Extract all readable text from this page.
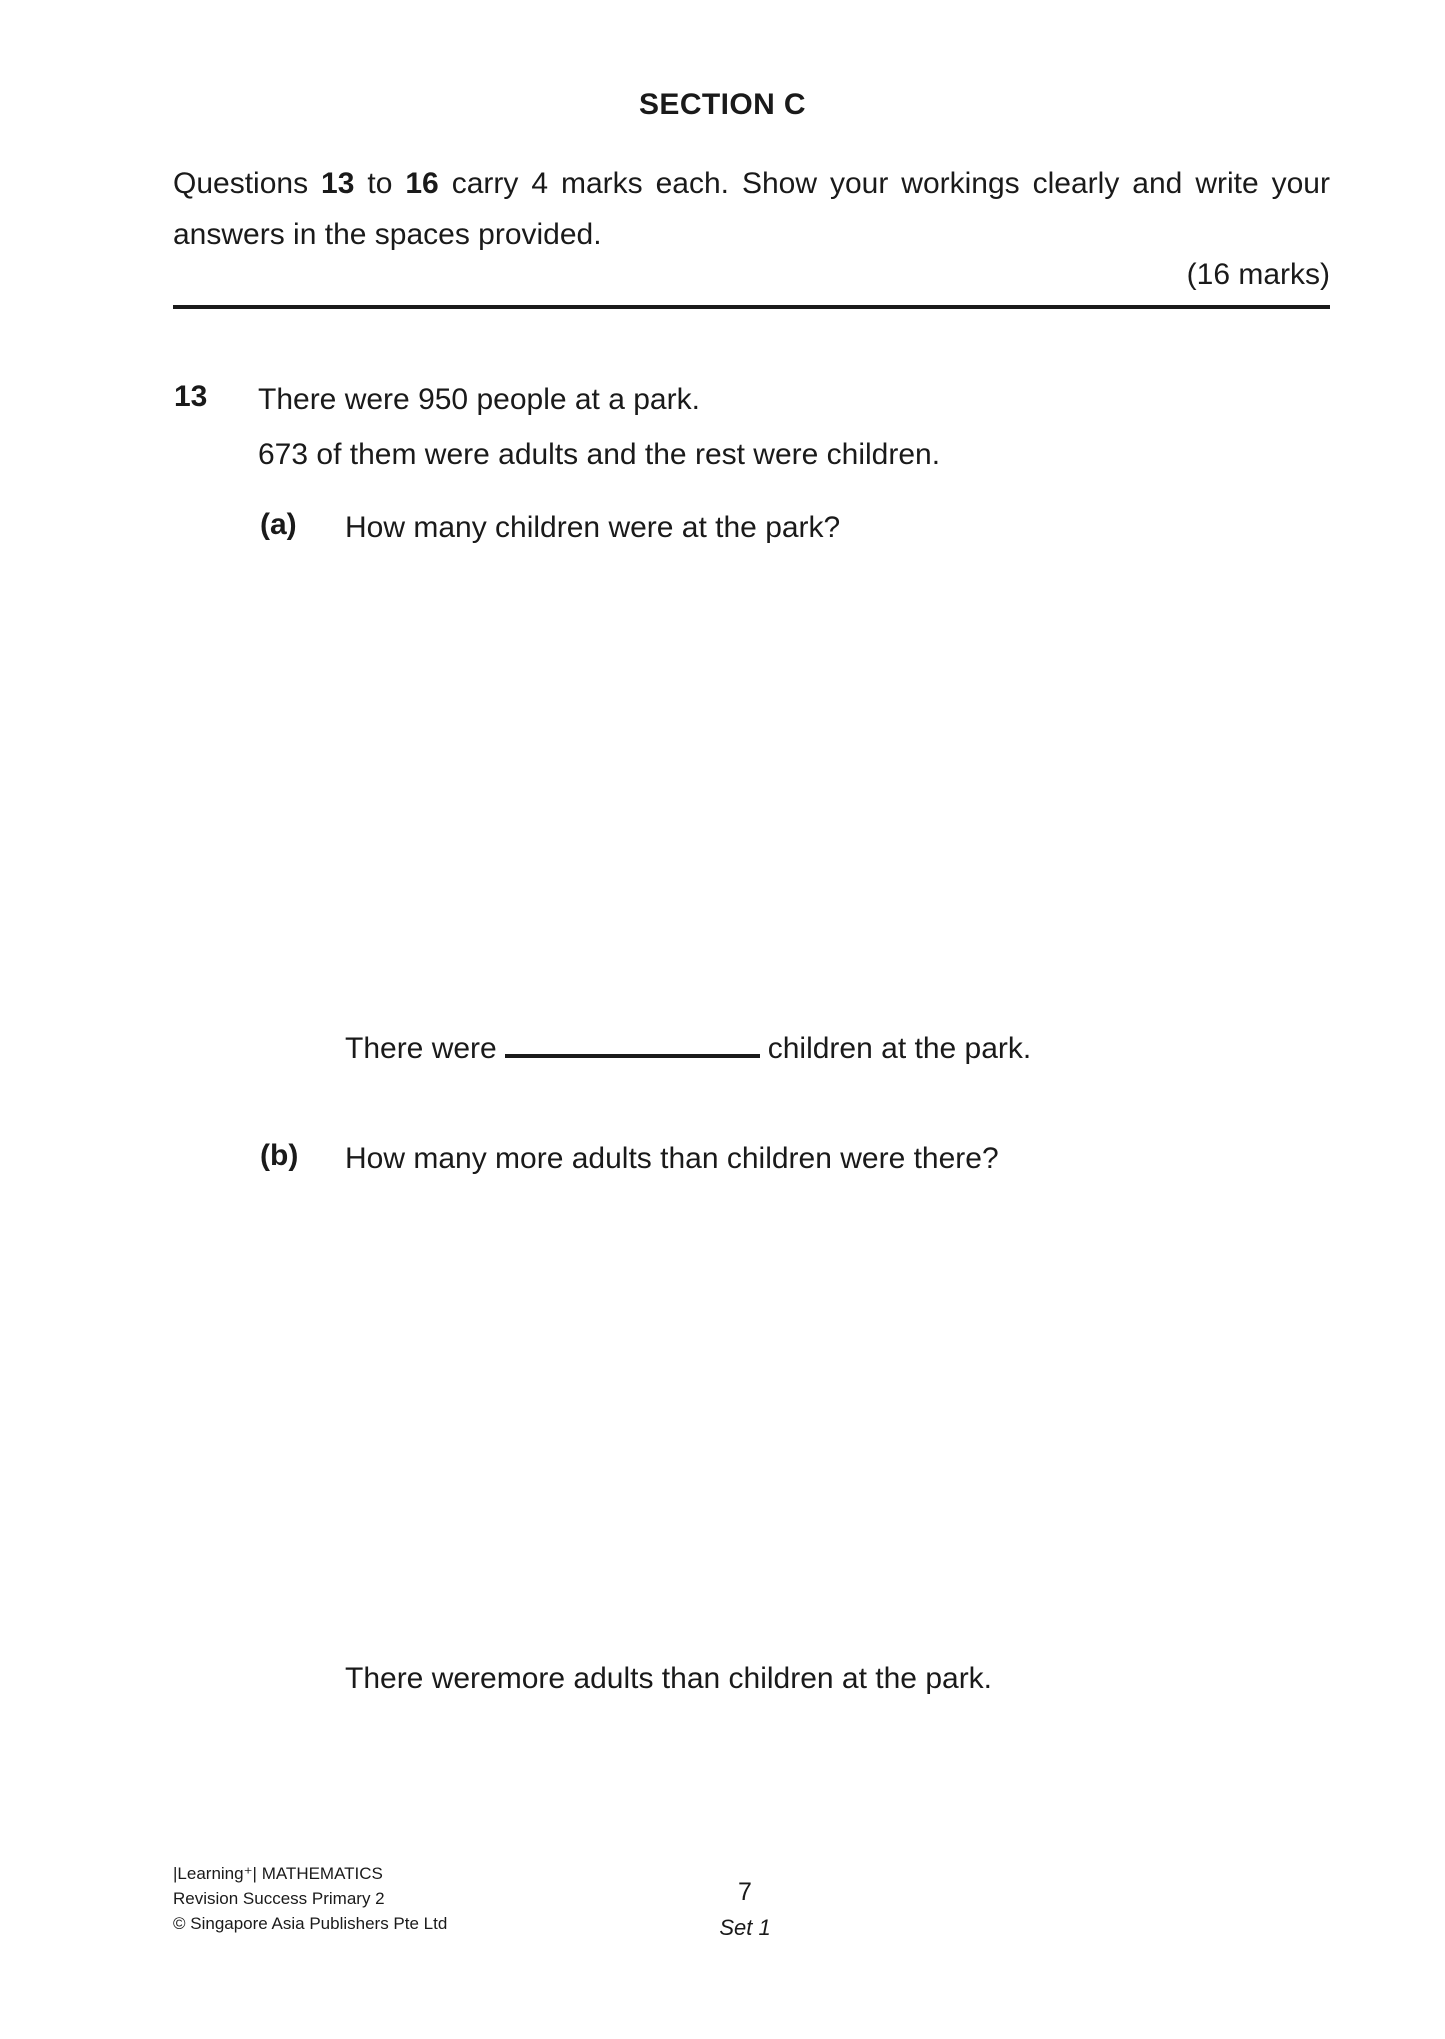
SECTION C
Questions 13 to 16 carry 4 marks each. Show your workings clearly and write your answers in the spaces provided.
(16 marks)
13 There were 950 people at a park.
673 of them were adults and the rest were children.
(a) How many children were at the park?
There were	children at the park.
(b) How many more adults than children were there?
There weremore adults than children at the park.
|Learning⁺| MATHEMATICS
Revision Success Primary 2
© Singapore Asia Publishers Pte Ltd
7
Set 1
